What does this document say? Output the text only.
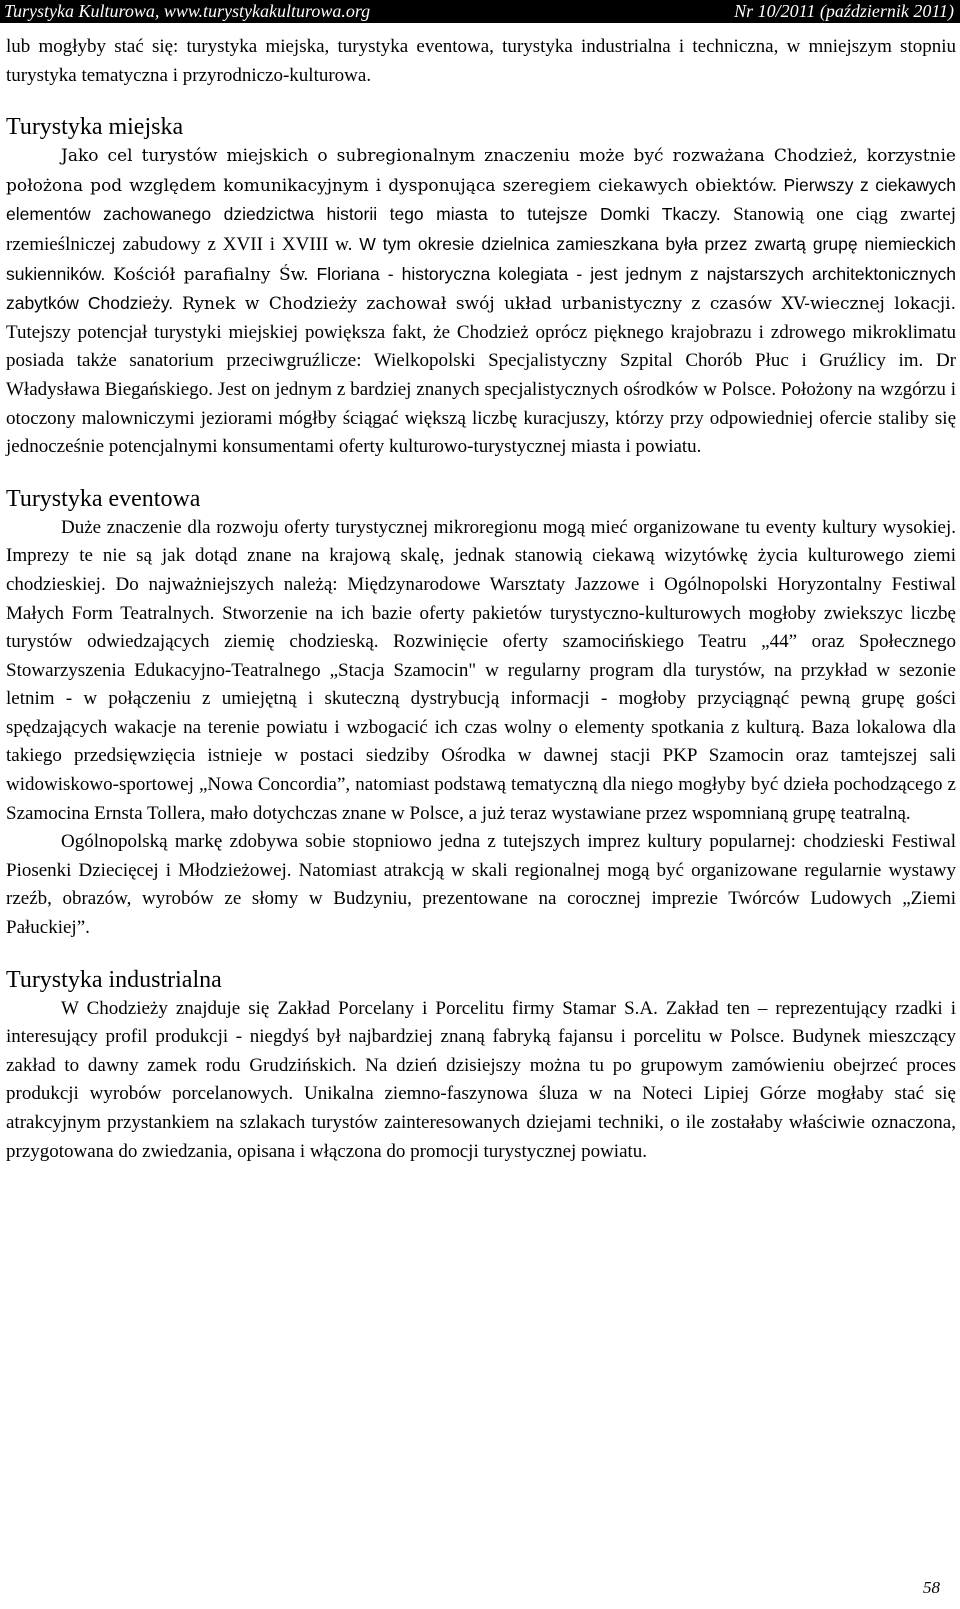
Turystyka Kulturowa, www.turystykakulturowa.org	Nr 10/2011 (październik 2011)

lub mogłyby stać się: turystyka miejska, turystyka eventowa, turystyka industrialna i techniczna, w mniejszym stopniu turystyka tematyczna i przyrodniczo-kulturowa.

Turystyka miejska

Jako cel turystów miejskich o subregionalnym znaczeniu może być rozważana Chodzież, korzystnie położona pod względem komunikacyjnym i dysponująca szeregiem ciekawych obiektów. Pierwszy z ciekawych elementów zachowanego dziedzictwa historii tego miasta to tutejsze Domki Tkaczy. Stanowią one ciąg zwartej rzemieślniczej zabudowy z XVII i XVIII w. W tym okresie dzielnica zamieszkana była przez zwartą grupę niemieckich sukienników. Kościół parafialny Św. Floriana - historyczna kolegiata - jest jednym z najstarszych architektonicznych zabytków Chodzieży. Rynek w Chodzieży zachował swój układ urbanistyczny z czasów XV-wiecznej lokacji. Tutejszy potencjał turystyki miejskiej powiększa fakt, że Chodzież oprócz pięknego krajobrazu i zdrowego mikroklimatu posiada także sanatorium przeciwgruźlicze: Wielkopolski Specjalistyczny Szpital Chorób Płuc i Gruźlicy im. Dr Władysława Biegańskiego. Jest on jednym z bardziej znanych specjalistycznych ośrodków w Polsce. Położony na wzgórzu i otoczony malowniczymi jeziorami mógłby ściągać większą liczbę kuracjuszy, którzy przy odpowiedniej ofercie staliby się jednocześnie potencjalnymi konsumentami oferty kulturowo-turystycznej miasta i powiatu.

Turystyka eventowa

Duże znaczenie dla rozwoju oferty turystycznej mikroregionu mogą mieć organizowane tu eventy kultury wysokiej. Imprezy te nie są jak dotąd znane na krajową skalę, jednak stanowią ciekawą wizytówkę życia kulturowego ziemi chodzieskiej. Do najważniejszych należą: Międzynarodowe Warsztaty Jazzowe i Ogólnopolski Horyzontalny Festiwal Małych Form Teatralnych. Stworzenie na ich bazie oferty pakietów turystyczno-kulturowych mogłoby zwiekszyc liczbę turystów odwiedzających ziemię chodzieską. Rozwinięcie oferty szamocińskiego Teatru „44” oraz Społecznego Stowarzyszenia Edukacyjno-Teatralnego „Stacja Szamocin" w regularny program dla turystów, na przykład w sezonie letnim - w połączeniu z umiejętną i skuteczną dystrybucją informacji - mogłoby przyciągnąć pewną grupę gości spędzających wakacje na terenie powiatu i wzbogacić ich czas wolny o elementy spotkania z kulturą. Baza lokalowa dla takiego przedsięwzięcia istnieje w postaci siedziby Ośrodka w dawnej stacji PKP Szamocin oraz tamtejszej sali widowiskowo-sportowej „Nowa Concordia”, natomiast podstawą tematyczną dla niego mogłyby być dzieła pochodzącego z Szamocina Ernsta Tollera, mało dotychczas znane w Polsce, a już teraz wystawiane przez wspomnianą grupę teatralną.

Ogólnopolską markę zdobywa sobie stopniowo jedna z tutejszych imprez kultury popularnej: chodzieski Festiwal Piosenki Dziecięcej i Młodzieżowej. Natomiast atrakcją w skali regionalnej mogą być organizowane regularnie wystawy rzeźb, obrazów, wyrobów ze słomy w Budzyniu, prezentowane na corocznej imprezie Twórców Ludowych „Ziemi Pałuckiej”.

Turystyka industrialna

W Chodzieży znajduje się Zakład Porcelany i Porcelitu firmy Stamar S.A. Zakład ten – reprezentujący rzadki i interesujący profil produkcji - niegdyś był najbardziej znaną fabryką fajansu i porcelitu w Polsce. Budynek mieszczący zakład to dawny zamek rodu Grudzińskich. Na dzień dzisiejszy można tu po grupowym zamówieniu obejrzeć proces produkcji wyrobów porcelanowych. Unikalna ziemno-faszynowa śluza w na Noteci Lipiej Górze mogłaby stać się atrakcyjnym przystankiem na szlakach turystów zainteresowanych dziejami techniki, o ile zostałaby właściwie oznaczona, przygotowana do zwiedzania, opisana i włączona do promocji turystycznej powiatu.

58
